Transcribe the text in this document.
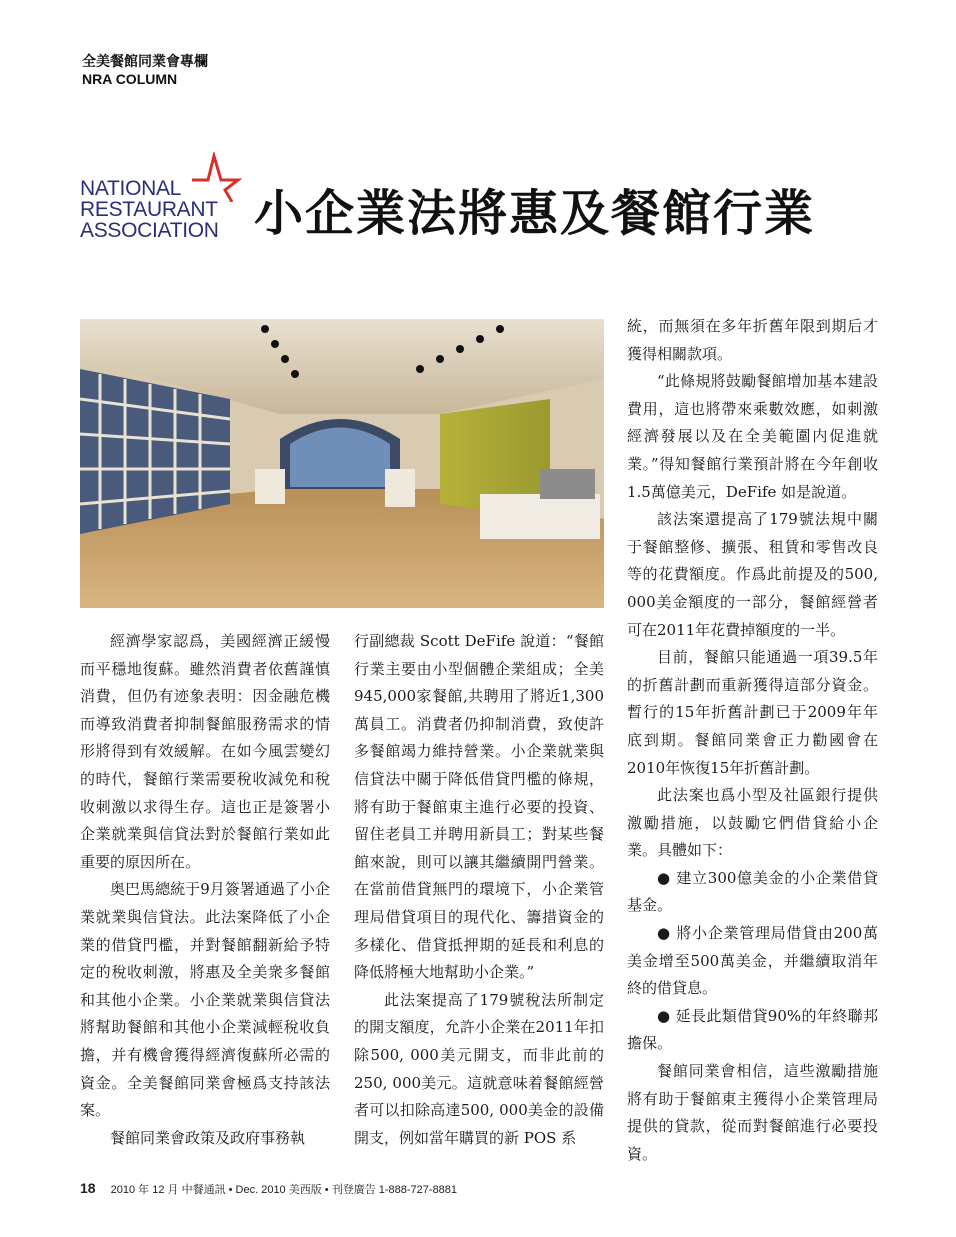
全美餐館同業會專欄
NRA COLUMN
NATIONAL
RESTAURANT
ASSOCIATION 小企業法將惠及餐館行業

經濟學家認爲，美國經濟正緩慢而平穩地復蘇。雖然消費者依舊謹慎消費，但仍有迹象表明：因金融危機而導致消費者抑制餐館服務需求的情形將得到有效緩解。在如今風雲變幻的時代，餐館行業需要稅收減免和稅收刺激以求得生存。這也正是簽署小企業就業與信貸法對於餐館行業如此重要的原因所在。

奥巴馬總統于9月簽署通過了小企業就業與信貸法。此法案降低了小企業的借貸門檻，并對餐館翻新給予特定的稅收刺激，將惠及全美衆多餐館和其他小企業。小企業就業與信貸法將幫助餐館和其他小企業減輕稅收負擔，并有機會獲得經濟復蘇所必需的資金。全美餐館同業會極爲支持該法案。

餐館同業會政策及政府事務執

行副總裁 Scott DeFife 說道：“餐館行業主要由小型個體企業組成；全美945,000家餐館,共聘用了將近1,300萬員工。消費者仍抑制消費，致使許多餐館竭力維持營業。小企業就業與信貸法中關于降低借貸門檻的條規，將有助于餐館東主進行必要的投資、留住老員工并聘用新員工；對某些餐館來說，則可以讓其繼續開門營業。在當前借貸無門的環境下，小企業管理局借貸項目的現代化、籌措資金的多樣化、借貸抵押期的延長和利息的降低將極大地幫助小企業。”

此法案提高了179號稅法所制定的開支額度，允許小企業在2011年扣除500, 000美元開支，而非此前的250, 000美元。這就意味着餐館經營者可以扣除高達500, 000美金的設備開支，例如當年購買的新 POS 系

統，而無須在多年折舊年限到期后才獲得相關款項。

“此條規將鼓勵餐館增加基本建設費用，這也將帶來乘數效應，如刺激經濟發展以及在全美範圍内促進就業。”得知餐館行業預計將在今年創收1.5萬億美元，DeFife 如是說道。

該法案還提高了179號法規中關于餐館整修、擴張、租賃和零售改良等的花費額度。作爲此前提及的500, 000美金額度的一部分，餐館經營者可在2011年花費掉額度的一半。

目前，餐館只能通過一項39.5年的折舊計劃而重新獲得這部分資金。暫行的15年折舊計劃已于2009年年底到期。餐館同業會正力勸國會在2010年恢復15年折舊計劃。

此法案也爲小型及社區銀行提供激勵措施，以鼓勵它們借貸給小企業。具體如下：

● 建立300億美金的小企業借貸基金。

● 將小企業管理局借貸由200萬美金增至500萬美金，并繼續取消年終的借貸息。

● 延長此類借貸90%的年終聯邦擔保。

餐館同業會相信，這些激勵措施將有助于餐館東主獲得小企業管理局提供的貸款，從而對餐館進行必要投資。

18 2010 年 12 月 中餐通訊 • Dec. 2010 美西版 • 刊登廣告 1-888-727-8881
